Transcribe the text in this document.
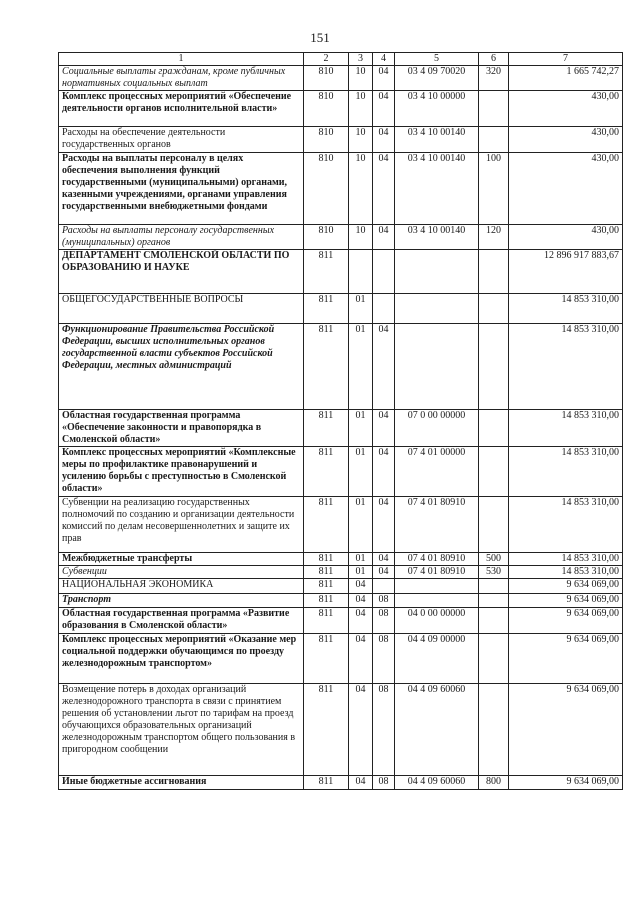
151
1	2	3	4	5	6	7
Социальные выплаты гражданам, кроме публичных нормативных социальных выплат	810	10	04	03 4 09 70020	320	1 665 742,27
Комплекс процессных мероприятий «Обеспечение деятельности органов исполнительной власти»	810	10	04	03 4 10 00000		430,00
Расходы на обеспечение деятельности государственных органов	810	10	04	03 4 10 00140		430,00
Расходы на выплаты персоналу в целях обеспечения выполнения функций государственными (муниципальными) органами, казенными учреждениями, органами управления государственными внебюджетными фондами	810	10	04	03 4 10 00140	100	430,00
Расходы на выплаты персоналу государственных (муниципальных) органов	810	10	04	03 4 10 00140	120	430,00
ДЕПАРТАМЕНТ СМОЛЕНСКОЙ ОБЛАСТИ ПО ОБРАЗОВАНИЮ И НАУКЕ	811					12 896 917 883,67
ОБЩЕГОСУДАРСТВЕННЫЕ ВОПРОСЫ	811	01				14 853 310,00
Функционирование Правительства Российской Федерации, высших исполнительных органов государственной власти субъектов Российской Федерации, местных администраций	811	01	04			14 853 310,00
Областная государственная программа «Обеспечение законности и правопорядка в Смоленской области»	811	01	04	07 0 00 00000		14 853 310,00
Комплекс процессных мероприятий «Комплексные меры по профилактике правонарушений и усилению борьбы с преступностью в Смоленской области»	811	01	04	07 4 01 00000		14 853 310,00
Субвенции на реализацию государственных полномочий по созданию и организации деятельности комиссий по делам несовершеннолетних и защите их прав	811	01	04	07 4 01 80910		14 853 310,00
Межбюджетные трансферты	811	01	04	07 4 01 80910	500	14 853 310,00
Субвенции	811	01	04	07 4 01 80910	530	14 853 310,00
НАЦИОНАЛЬНАЯ ЭКОНОМИКА	811	04				9 634 069,00
Транспорт	811	04	08			9 634 069,00
Областная государственная программа «Развитие образования в Смоленской области»	811	04	08	04 0 00 00000		9 634 069,00
Комплекс процессных мероприятий «Оказание мер социальной поддержки обучающимся по проезду железнодорожным транспортом»	811	04	08	04 4 09 00000		9 634 069,00
Возмещение потерь в доходах организаций железнодорожного транспорта в связи с принятием решения об установлении льгот по тарифам на проезд обучающихся образовательных организаций железнодорожным транспортом общего пользования в пригородном сообщении	811	04	08	04 4 09 60060		9 634 069,00
Иные бюджетные ассигнования	811	04	08	04 4 09 60060	800	9 634 069,00
